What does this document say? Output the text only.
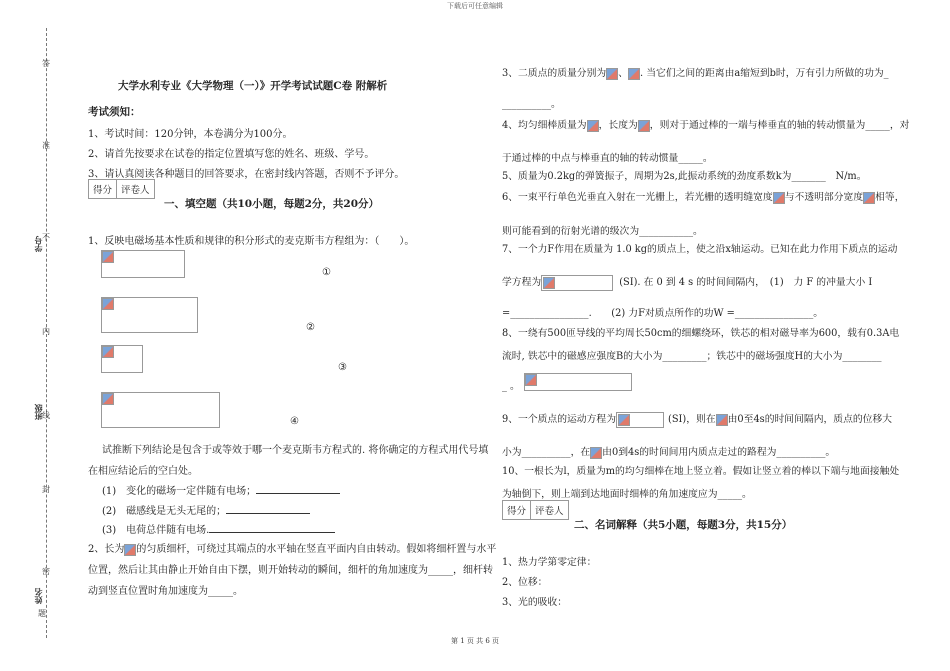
下载后可任意编辑
第 1 页 共 6 页
答
准
不
内
线
封
密
学号
班级
姓名
题
大学水利专业《大学物理（一）》开学考试试题C卷 附解析
考试须知：
1、考试时间：120分钟，本卷满分为100分。
2、请首先按要求在试卷的指定位置填写您的姓名、班级、学号。
3、请认真阅读各种题目的回答要求，在密封线内答题，否则不予评分。
得分 评卷人
一、填空题（共10小题，每题2分，共20分）
1、反映电磁场基本性质和规律的积分形式的麦克斯韦方程组为：（　　）。
①
②
③
④
试推断下列结论是包含于或等效于哪一个麦克斯韦方程式的. 将你确定的方程式用代号填
在相应结论后的空白处。
(1)　变化的磁场一定伴随有电场；
(2)　磁感线是无头无尾的；
(3)　电荷总伴随有电场.
2、长为 的匀质细杆，可绕过其端点的水平轴在竖直平面内自由转动。假如将细杆置与水平
位置，然后让其由静止开始自由下摆，则开始转动的瞬间，细杆的角加速度为_____，细杆转
动到竖直位置时角加速度为_____。
3、二质点的质量分别为 、 . 当它们之间的距离由a缩短到b时，万有引力所做的功为_
__________。
4、均匀细棒质量为 ，长度为 ，则对于通过棒的一端与棒垂直的轴的转动惯量为_____，对
于通过棒的中点与棒垂直的轴的转动惯量_____。
5、质量为0.2kg的弹簧振子，周期为2s,此振动系统的劲度系数k为_______　N/m。
6、一束平行单色光垂直入射在一光栅上，若光栅的透明缝宽度 与不透明部分宽度 相等，
则可能看到的衍射光谱的级次为___________。
7、一个力F作用在质量为 1.0 kg的质点上，使之沿x轴运动。已知在此力作用下质点的运动
学方程为	(SI). 在 0 到 4 s 的时间间隔内，　(1)　力 F 的冲量大小 I
=________________.　　(2) 力F对质点所作的功W =________________。
8、一绕有500匝导线的平均周长50cm的细螺绕环，铁芯的相对磁导率为600，载有0.3A电
流时, 铁芯中的磁感应强度B的大小为_________；铁芯中的磁场强度H的大小为________
_ 。
9、一个质点的运动方程为	(SI)，则在 由0至4s的时间间隔内，质点的位移大
小为__________，在 由0到4s的时间间用内质点走过的路程为__________。
10、一根长为l，质量为m的均匀细棒在地上竖立着。假如让竖立着的棒以下端与地面接触处
为轴倒下，则上端到达地面时细棒的角加速度应为_____。
得分 评卷人
二、名词解释（共5小题，每题3分，共15分）
1、热力学第零定律：
2、位移：
3、光的吸收：
